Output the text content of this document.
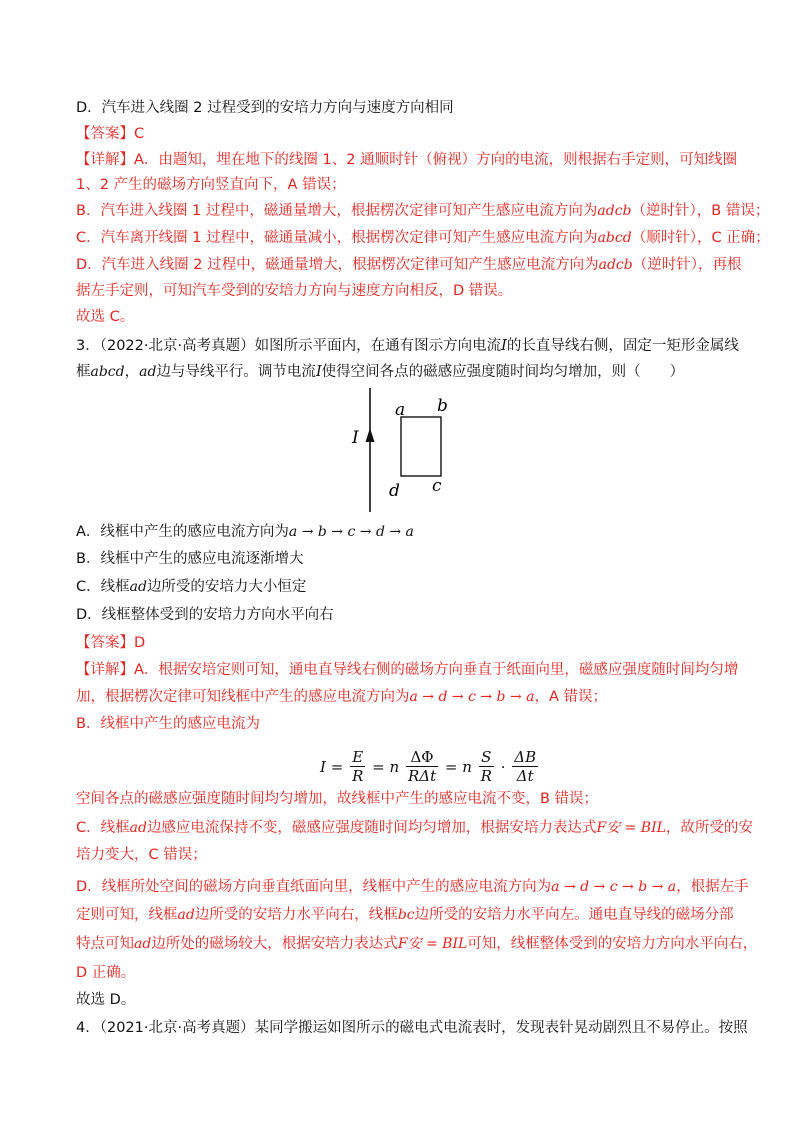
D．汽车进入线圈 2 过程受到的安培力方向与速度方向相同
【答案】C
【详解】A．由题知，埋在地下的线圈 1、2 通顺时针（俯视）方向的电流，则根据右手定则，可知线圈
1、2 产生的磁场方向竖直向下，A 错误；
B．汽车进入线圈 1 过程中，磁通量增大，根据楞次定律可知产生感应电流方向为adcb（逆时针），B 错误；
C．汽车离开线圈 1 过程中，磁通量减小，根据楞次定律可知产生感应电流方向为abcd（顺时针），C 正确；
D．汽车进入线圈 2 过程中，磁通量增大，根据楞次定律可知产生感应电流方向为adcb（逆时针），再根
据左手定则，可知汽车受到的安培力方向与速度方向相反，D 错误。
故选 C。
3．（2022·北京·高考真题）如图所示平面内，在通有图示方向电流I的长直导线右侧，固定一矩形金属线
框abcd，ad边与导线平行。调节电流I使得空间各点的磁感应强度随时间均匀增加，则（　　）
I
a b
c
d
A．线框中产生的感应电流方向为a → b → c → d → a
B．线框中产生的感应电流逐渐增大
C．线框ad边所受的安培力大小恒定
D．线框整体受到的安培力方向水平向右
【答案】D
【详解】A．根据安培定则可知，通电直导线右侧的磁场方向垂直于纸面向里，磁感应强度随时间均匀增
加，根据楞次定律可知线框中产生的感应电流方向为a → d → c → b → a，A 错误；
B．线框中产生的感应电流为
$I = \frac{E}{R} = n \frac{\Delta\Phi}{\text{RΔt}} = n \frac{S}{R} \cdot \frac{\Delta B}{\Delta t}$
空间各点的磁感应强度随时间均匀增加，故线框中产生的感应电流不变，B 错误；
C．线框ad边感应电流保持不变，磁感应强度随时间均匀增加，根据安培力表达式F安 = BIL，故所受的安
培力变大，C 错误；
D．线框所处空间的磁场方向垂直纸面向里，线框中产生的感应电流方向为a → d → c → b → a，根据左手
定则可知，线框ad边所受的安培力水平向右，线框bc边所受的安培力水平向左。通电直导线的磁场分部
特点可知ad边所处的磁场较大，根据安培力表达式F安 = BIL可知，线框整体受到的安培力方向水平向右，
D 正确。
故选 D。
4．（2021·北京·高考真题）某同学搬运如图所示的磁电式电流表时，发现表针晃动剧烈且不易停止。按照
